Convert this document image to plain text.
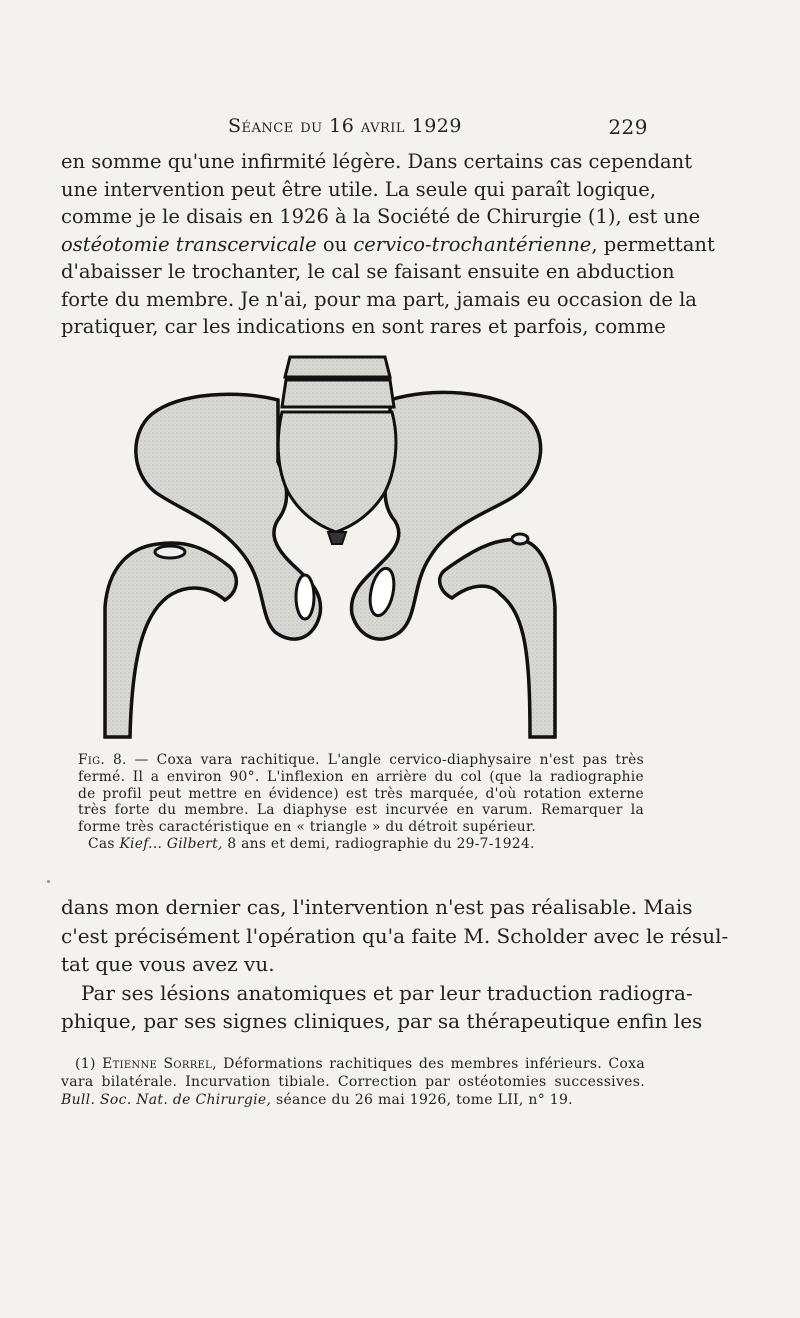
Séance du 16 avril 1929	229
en somme qu'une infirmité légère. Dans certains cas cependant
une intervention peut être utile. La seule qui paraît logique,
comme je le disais en 1926 à la Société de Chirurgie (1), est une
ostéotomie transcervicale ou cervico-trochantérienne, permettant
d'abaisser le trochanter, le cal se faisant ensuite en abduction
forte du membre. Je n'ai, pour ma part, jamais eu occasion de la
pratiquer, car les indications en sont rares et parfois, comme
Fig. 8. — Coxa vara rachitique. L'angle cervico-diaphysaire n'est pas très
fermé. Il a environ 90°. L'inflexion en arrière du col (que la radiographie
de profil peut mettre en évidence) est très marquée, d'où rotation externe
très forte du membre. La diaphyse est incurvée en varum. Remarquer la
forme très caractéristique en « triangle » du détroit supérieur.
Cas Kief... Gilbert, 8 ans et demi, radiographie du 29-7-1924.
dans mon dernier cas, l'intervention n'est pas réalisable. Mais
c'est précisément l'opération qu'a faite M. Scholder avec le résul-
tat que vous avez vu.
Par ses lésions anatomiques et par leur traduction radiogra-
phique, par ses signes cliniques, par sa thérapeutique enfin les
(1) Etienne Sorrel, Déformations rachitiques des membres inférieurs. Coxa
vara bilatérale. Incurvation tibiale. Correction par ostéotomies successives.
Bull. Soc. Nat. de Chirurgie, séance du 26 mai 1926, tome LII, n° 19.
